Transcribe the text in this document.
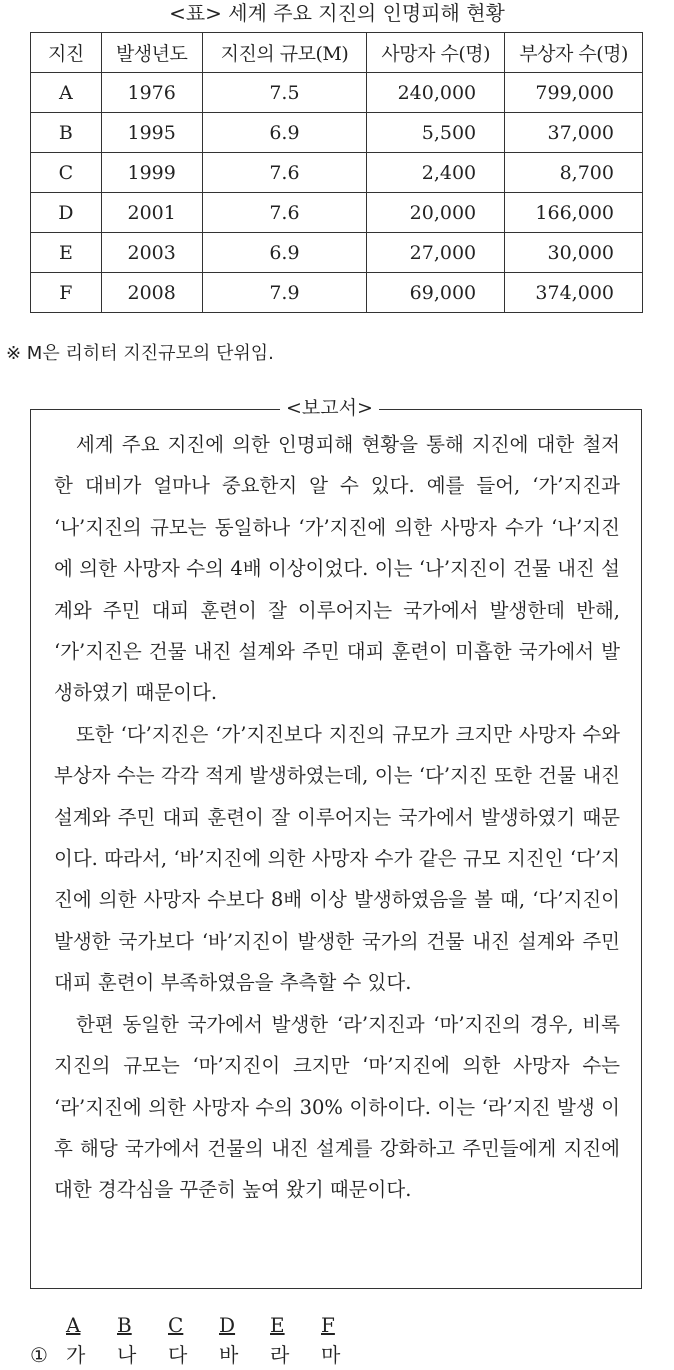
<표> 세계 주요 지진의 인명피해 현황
지진	발생년도	지진의 규모(M)	사망자 수(명)	부상자 수(명)
A	1976	7.5	240,000	799,000
B	1995	6.9	5,500	37,000
C	1999	7.6	2,400	8,700
D	2001	7.6	20,000	166,000
E	2003	6.9	27,000	30,000
F	2008	7.9	69,000	374,000
※ M은 리히터 지진규모의 단위임.
<보고서>

세계 주요 지진에 의한 인명피해 현황을 통해 지진에 대한 철저한 대비가 얼마나 중요한지 알 수 있다. 예를 들어, ‘가’지진과 ‘나’지진의 규모는 동일하나 ‘가’지진에 의한 사망자 수가 ‘나’지진에 의한 사망자 수의 4배 이상이었다. 이는 ‘나’지진이 건물 내진 설계와 주민 대피 훈련이 잘 이루어지는 국가에서 발생한데 반해, ‘가’지진은 건물 내진 설계와 주민 대피 훈련이 미흡한 국가에서 발생하였기 때문이다.

또한 ‘다’지진은 ‘가’지진보다 지진의 규모가 크지만 사망자 수와 부상자 수는 각각 적게 발생하였는데, 이는 ‘다’지진 또한 건물 내진 설계와 주민 대피 훈련이 잘 이루어지는 국가에서 발생하였기 때문이다. 따라서, ‘바’지진에 의한 사망자 수가 같은 규모 지진인 ‘다’지진에 의한 사망자 수보다 8배 이상 발생하였음을 볼 때, ‘다’지진이 발생한 국가보다 ‘바’지진이 발생한 국가의 건물 내진 설계와 주민 대피 훈련이 부족하였음을 추측할 수 있다.

한편 동일한 국가에서 발생한 ‘라’지진과 ‘마’지진의 경우, 비록 지진의 규모는 ‘마’지진이 크지만 ‘마’지진에 의한 사망자 수는 ‘라’지진에 의한 사망자 수의 30% 이하이다. 이는 ‘라’지진 발생 이후 해당 국가에서 건물의 내진 설계를 강화하고 주민들에게 지진에 대한 경각심을 꾸준히 높여 왔기 때문이다.

A B C D E F
① 가 나 다 바 라 마
